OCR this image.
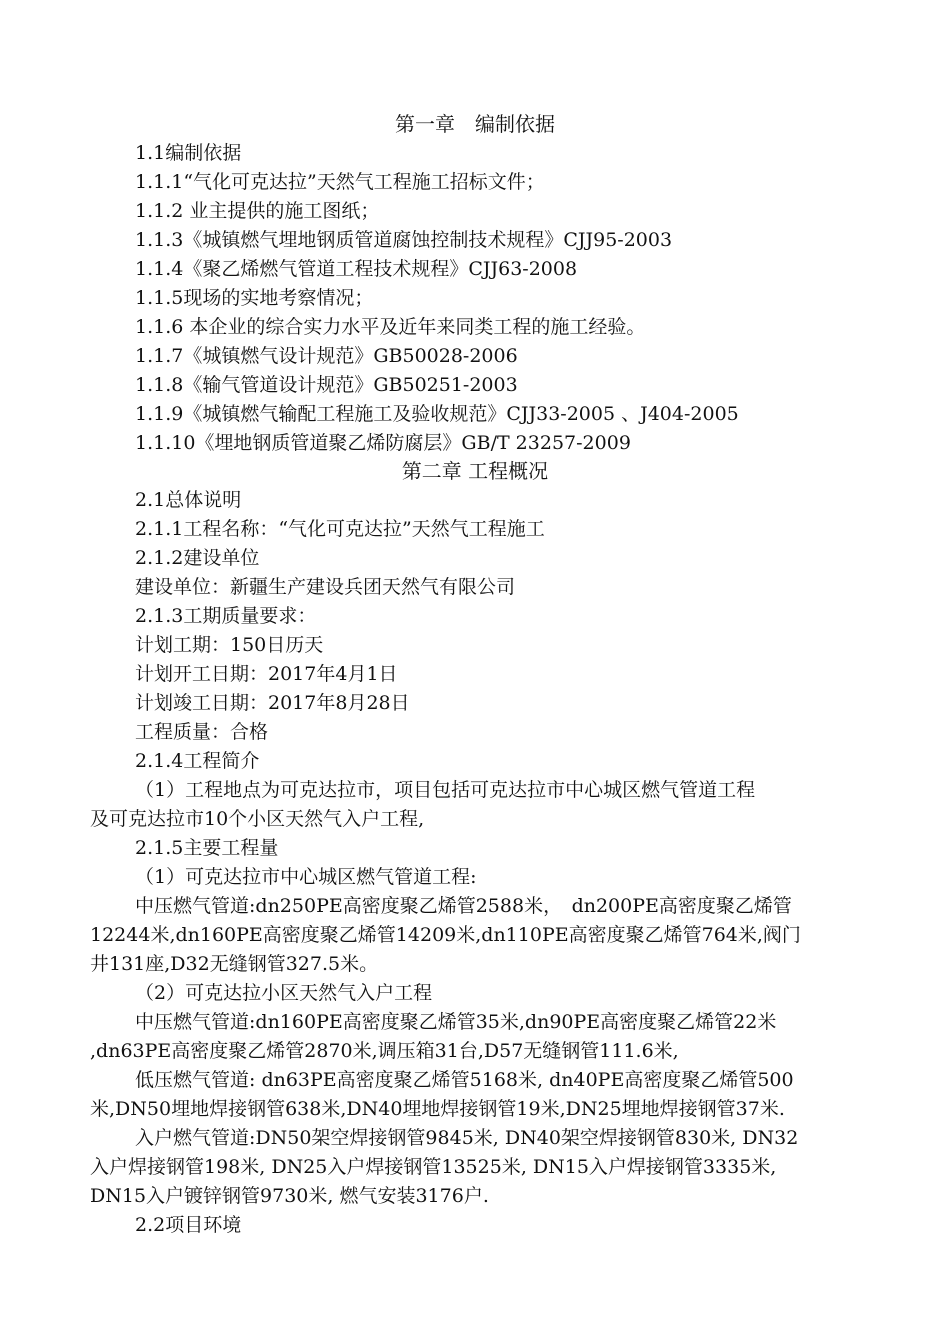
第一章　编制依据
1.1编制依据
1.1.1“气化可克达拉”天然气工程施工招标文件；
1.1.2 业主提供的施工图纸；
1.1.3《城镇燃气埋地钢质管道腐蚀控制技术规程》CJJ95-2003
1.1.4《聚乙烯燃气管道工程技术规程》CJJ63-2008
1.1.5现场的实地考察情况；
1.1.6 本企业的综合实力水平及近年来同类工程的施工经验。
1.1.7《城镇燃气设计规范》GB50028-2006
1.1.8《输气管道设计规范》GB50251-2003
1.1.9《城镇燃气输配工程施工及验收规范》CJJ33-2005 、J404-2005
1.1.10《埋地钢质管道聚乙烯防腐层》GB/T 23257-2009
第二章 工程概况
2.1总体说明
2.1.1工程名称：“气化可克达拉”天然气工程施工
2.1.2建设单位
建设单位：新疆生产建设兵团天然气有限公司
2.1.3工期质量要求：
计划工期：150日历天
计划开工日期：2017年4月1日
计划竣工日期：2017年8月28日
工程质量：合格
2.1.4工程简介
（1）工程地点为可克达拉市，项目包括可克达拉市中心城区燃气管道工程
及可克达拉市10个小区天然气入户工程,
2.1.5主要工程量
（1）可克达拉市中心城区燃气管道工程:
中压燃气管道:dn250PE高密度聚乙烯管2588米，　dn200PE高密度聚乙烯管
12244米,dn160PE高密度聚乙烯管14209米,dn110PE高密度聚乙烯管764米,阀门
井131座,D32无缝钢管327.5米。
（2）可克达拉小区天然气入户工程
中压燃气管道:dn160PE高密度聚乙烯管35米,dn90PE高密度聚乙烯管22米
,dn63PE高密度聚乙烯管2870米,调压箱31台,D57无缝钢管111.6米,
低压燃气管道: dn63PE高密度聚乙烯管5168米, dn40PE高密度聚乙烯管500
米,DN50埋地焊接钢管638米,DN40埋地焊接钢管19米,DN25埋地焊接钢管37米.
入户燃气管道:DN50架空焊接钢管9845米, DN40架空焊接钢管830米, DN32
入户焊接钢管198米, DN25入户焊接钢管13525米, DN15入户焊接钢管3335米,
DN15入户镀锌钢管9730米, 燃气安装3176户.
2.2项目环境
